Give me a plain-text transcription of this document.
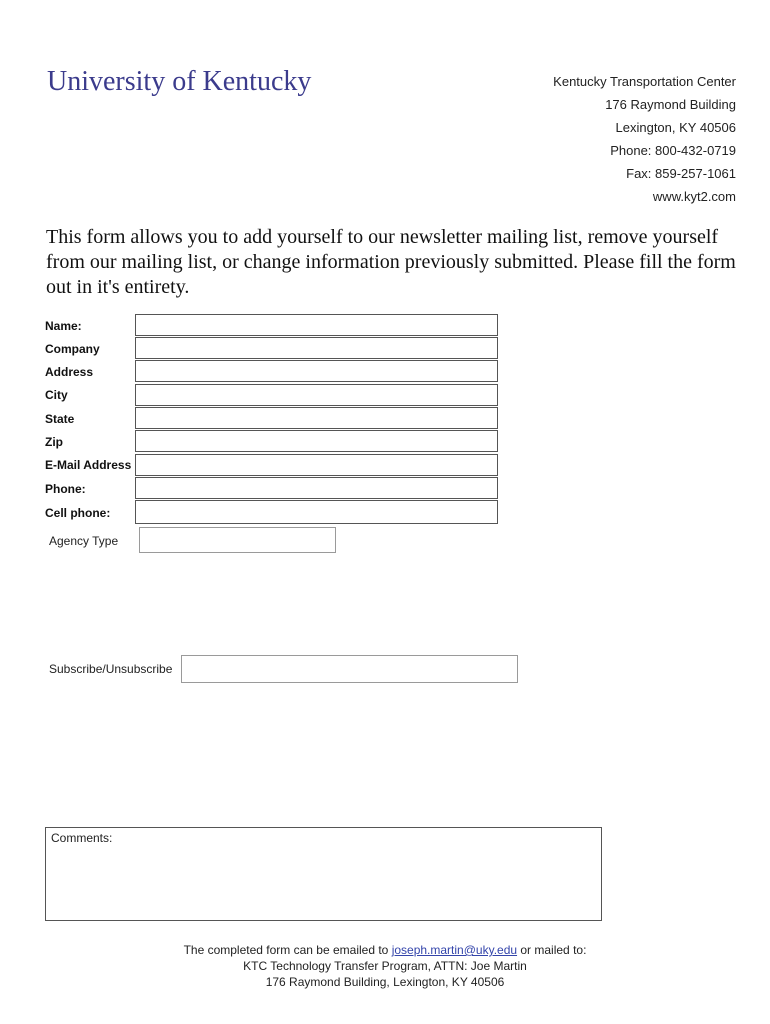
University of Kentucky	Kentucky Transportation Center
176 Raymond Building
Lexington, KY 40506
Phone: 800-432-0719
Fax: 859-257-1061
www.kyt2.com
This form allows you to add yourself to our newsletter mailing list, remove yourself from our mailing list, or change information previously submitted. Please fill the form out in it's entirety.
Name:
Company
Address
City
State
Zip
E-Mail Address
Phone:
Cell phone:
Agency Type
Subscribe/Unsubscribe
Comments:
The completed form can be emailed to joseph.martin@uky.edu or mailed to:
KTC Technology Transfer Program, ATTN: Joe Martin
176 Raymond Building, Lexington, KY 40506
